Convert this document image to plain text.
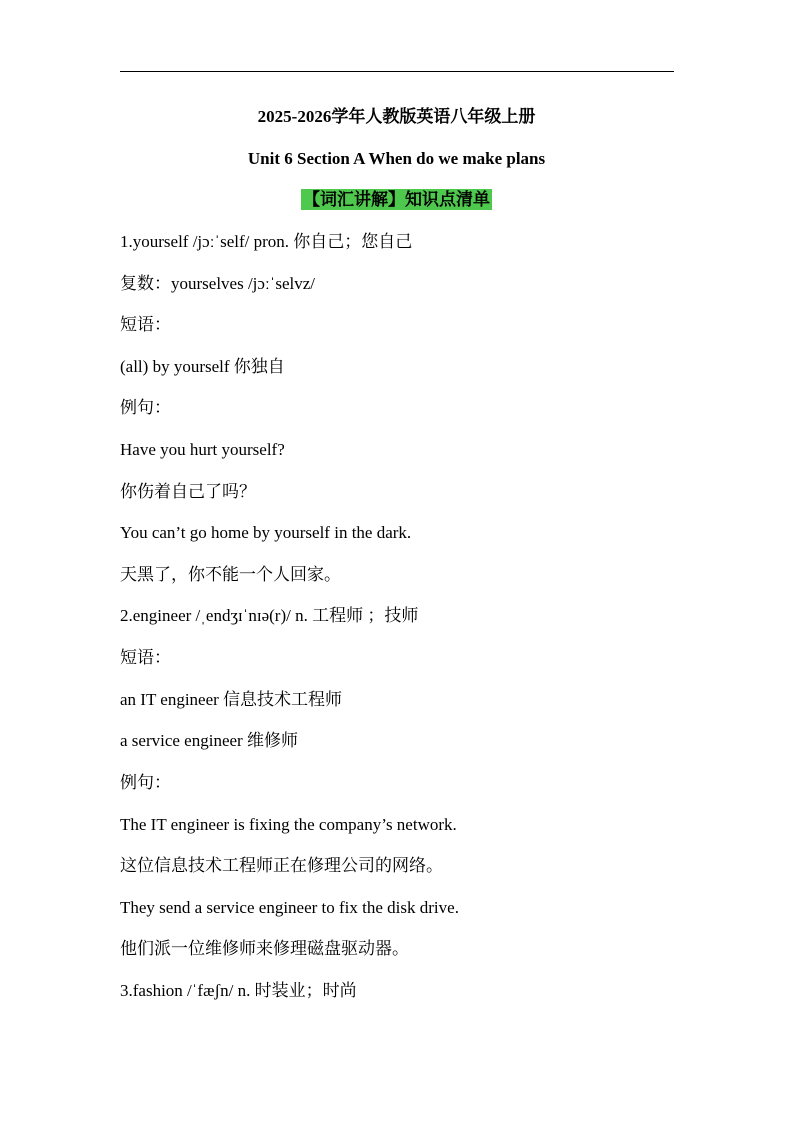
2025-2026学年人教版英语八年级上册
Unit 6 Section A When do we make plans
【词汇讲解】知识点清单
1.yourself /jɔːˈself/ pron. 你自己；您自己
复数：yourselves /jɔːˈselvz/
短语：
(all) by yourself 你独自
例句：
Have you hurt yourself?
你伤着自己了吗？
You can’t go home by yourself in the dark.
天黑了，你不能一个人回家。
2.engineer /ˌendʒɪˈnɪə(r)/ n. 工程师 ；技师
短语：
an IT engineer 信息技术工程师
a service engineer 维修师
例句：
The IT engineer is fixing the company’s network.
这位信息技术工程师正在修理公司的网络。
They send a service engineer to fix the disk drive.
他们派一位维修师来修理磁盘驱动器。
3.fashion /ˈfæʃn/ n. 时装业；时尚
